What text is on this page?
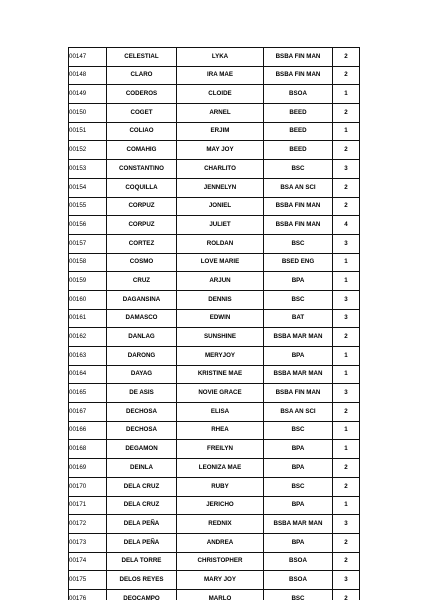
00147	CELESTIAL	LYKA	BSBA FIN MAN	2
00148	CLARO	IRA MAE	BSBA FIN MAN	2
00149	CODEROS	CLOIDE	BSOA	1
00150	COGET	ARNEL	BEED	2
00151	COLIAO	ERJIM	BEED	1
00152	COMAHIG	MAY JOY	BEED	2
00153	CONSTANTINO	CHARLITO	BSC	3
00154	COQUILLA	JENNELYN	BSA AN SCI	2
00155	CORPUZ	JONIEL	BSBA FIN MAN	2
00156	CORPUZ	JULIET	BSBA FIN MAN	4
00157	CORTEZ	ROLDAN	BSC	3
00158	COSMO	LOVE MARIE	BSED ENG	1
00159	CRUZ	ARJUN	BPA	1
00160	DAGANSINA	DENNIS	BSC	3
00161	DAMASCO	EDWIN	BAT	3
00162	DANLAG	SUNSHINE	BSBA MAR MAN	2
00163	DARONG	MERYJOY	BPA	1
00164	DAYAG	KRISTINE MAE	BSBA MAR MAN	1
00165	DE ASIS	NOVIE GRACE	BSBA FIN MAN	3
00167	DECHOSA	ELISA	BSA AN SCI	2
00166	DECHOSA	RHEA	BSC	1
00168	DEGAMON	FREILYN	BPA	1
00169	DEINLA	LEONIZA MAE	BPA	2
00170	DELA CRUZ	RUBY	BSC	2
00171	DELA CRUZ	JERICHO	BPA	1
00172	DELA PEÑA	REDNIX	BSBA MAR MAN	3
00173	DELA PEÑA	ANDREA	BPA	2
00174	DELA TORRE	CHRISTOPHER	BSOA	2
00175	DELOS REYES	MARY JOY	BSOA	3
00176	DEOCAMPO	MARLO	BSC	2
